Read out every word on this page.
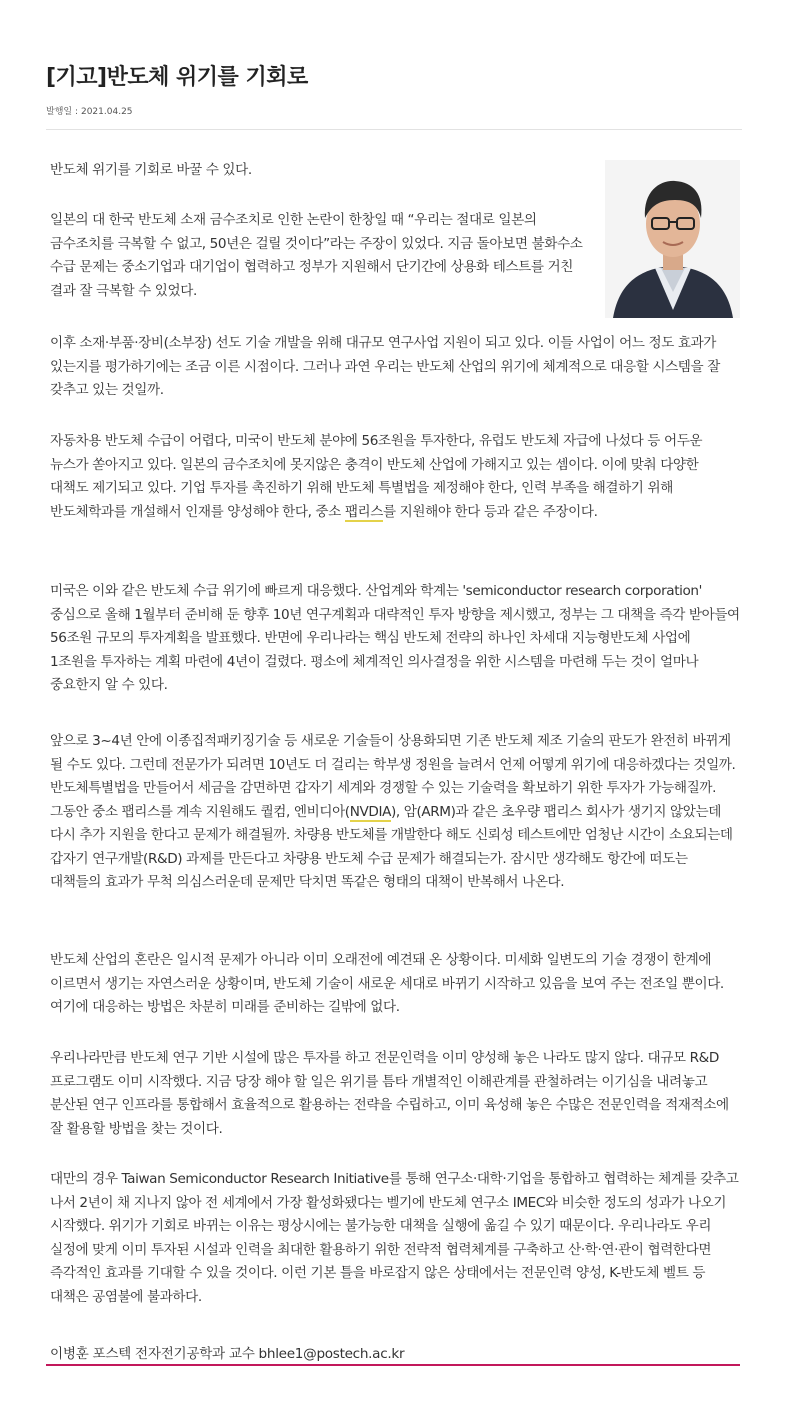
[기고]반도체 위기를 기회로
발행일 : 2021.04.25

반도체 위기를 기회로 바꿀 수 있다.

일본의 대 한국 반도체 소재 금수조치로 인한 논란이 한창일 때 “우리는 절대로 일본의 금수조치를 극복할 수 없고, 50년은 걸릴 것이다”라는 주장이 있었다. 지금 돌아보면 불화수소 수급 문제는 중소기업과 대기업이 협력하고 정부가 지원해서 단기간에 상용화 테스트를 거친 결과 잘 극복할 수 있었다.

이후 소재·부품·장비(소부장) 선도 기술 개발을 위해 대규모 연구사업 지원이 되고 있다. 이들 사업이 어느 정도 효과가 있는지를 평가하기에는 조금 이른 시점이다. 그러나 과연 우리는 반도체 산업의 위기에 체계적으로 대응할 시스템을 잘 갖추고 있는 것일까.

자동차용 반도체 수급이 어렵다, 미국이 반도체 분야에 56조원을 투자한다, 유럽도 반도체 자급에 나섰다 등 어두운 뉴스가 쏟아지고 있다. 일본의 금수조치에 못지않은 충격이 반도체 산업에 가해지고 있는 셈이다. 이에 맞춰 다양한 대책도 제기되고 있다. 기업 투자를 촉진하기 위해 반도체 특별법을 제정해야 한다, 인력 부족을 해결하기 위해 반도체학과를 개설해서 인재를 양성해야 한다, 중소 팹리스를 지원해야 한다 등과 같은 주장이다.

미국은 이와 같은 반도체 수급 위기에 빠르게 대응했다. 산업계와 학계는 'semiconductor research corporation' 중심으로 올해 1월부터 준비해 둔 향후 10년 연구계획과 대략적인 투자 방향을 제시했고, 정부는 그 대책을 즉각 받아들여 56조원 규모의 투자계획을 발표했다. 반면에 우리나라는 핵심 반도체 전략의 하나인 차세대 지능형반도체 사업에 1조원을 투자하는 계획 마련에 4년이 걸렸다. 평소에 체계적인 의사결정을 위한 시스템을 마련해 두는 것이 얼마나 중요한지 알 수 있다.

앞으로 3~4년 안에 이종집적패키징기술 등 새로운 기술들이 상용화되면 기존 반도체 제조 기술의 판도가 완전히 바뀌게 될 수도 있다. 그런데 전문가가 되려면 10년도 더 걸리는 학부생 정원을 늘려서 언제 어떻게 위기에 대응하겠다는 것일까. 반도체특별법을 만들어서 세금을 감면하면 갑자기 세계와 경쟁할 수 있는 기술력을 확보하기 위한 투자가 가능해질까. 그동안 중소 팹리스를 계속 지원해도 퀄컴, 엔비디아(NVDIA), 암(ARM)과 같은 초우량 팹리스 회사가 생기지 않았는데 다시 추가 지원을 한다고 문제가 해결될까. 차량용 반도체를 개발한다 해도 신뢰성 테스트에만 엄청난 시간이 소요되는데 갑자기 연구개발(R&D) 과제를 만든다고 차량용 반도체 수급 문제가 해결되는가. 잠시만 생각해도 항간에 떠도는 대책들의 효과가 무척 의심스러운데 문제만 닥치면 똑같은 형태의 대책이 반복해서 나온다.

반도체 산업의 혼란은 일시적 문제가 아니라 이미 오래전에 예견돼 온 상황이다. 미세화 일변도의 기술 경쟁이 한계에 이르면서 생기는 자연스러운 상황이며, 반도체 기술이 새로운 세대로 바뀌기 시작하고 있음을 보여 주는 전조일 뿐이다. 여기에 대응하는 방법은 차분히 미래를 준비하는 길밖에 없다.

우리나라만큼 반도체 연구 기반 시설에 많은 투자를 하고 전문인력을 이미 양성해 놓은 나라도 많지 않다. 대규모 R&D 프로그램도 이미 시작했다. 지금 당장 해야 할 일은 위기를 틈타 개별적인 이해관계를 관철하려는 이기심을 내려놓고 분산된 연구 인프라를 통합해서 효율적으로 활용하는 전략을 수립하고, 이미 육성해 놓은 수많은 전문인력을 적재적소에 잘 활용할 방법을 찾는 것이다.

대만의 경우 Taiwan Semiconductor Research Initiative를 통해 연구소·대학·기업을 통합하고 협력하는 체계를 갖추고 나서 2년이 채 지나지 않아 전 세계에서 가장 활성화됐다는 벨기에 반도체 연구소 IMEC와 비슷한 정도의 성과가 나오기 시작했다. 위기가 기회로 바뀌는 이유는 평상시에는 불가능한 대책을 실행에 옮길 수 있기 때문이다. 우리나라도 우리 실정에 맞게 이미 투자된 시설과 인력을 최대한 활용하기 위한 전략적 협력체계를 구축하고 산·학·연·관이 협력한다면 즉각적인 효과를 기대할 수 있을 것이다. 이런 기본 틀을 바로잡지 않은 상태에서는 전문인력 양성, K-반도체 벨트 등 대책은 공염불에 불과하다.

이병훈 포스텍 전자전기공학과 교수 bhlee1@postech.ac.kr
